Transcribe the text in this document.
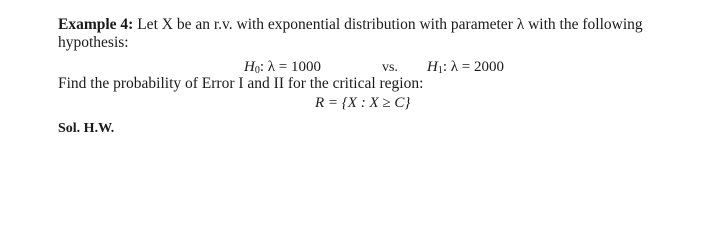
Example 4: Let X be an r.v. with exponential distribution with parameter λ with the following
hypothesis:
$H_0$: λ = 1000	vs. $H_1$: λ = 2000
Find the probability of Error I and II for the critical region:
R = {X : X ≥ C}
Sol. H.W.
